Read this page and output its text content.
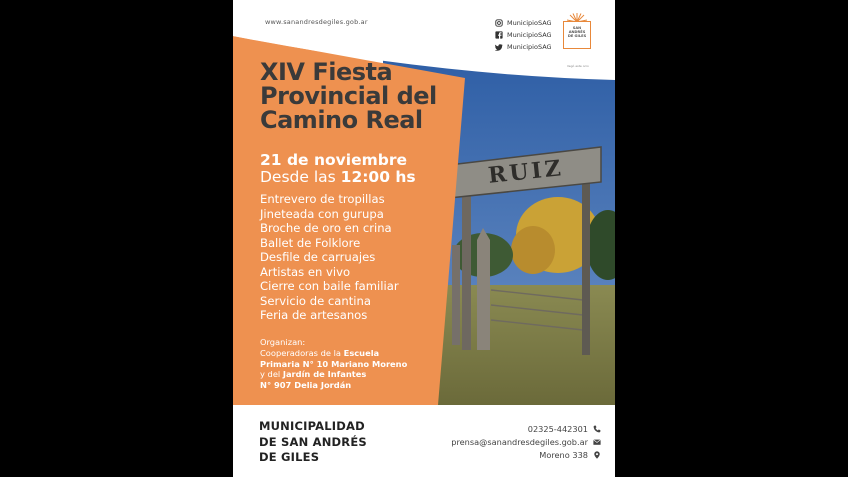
RUIZ
www.sanandresdegiles.gob.ar	MunicipioSAG
MunicipioSAG
MunicipioSAG
SAN
ANDRÉS
DE GILES
llegó este ocio
XIV Fiesta
Provincial del
Camino Real
21 de noviembre
Desde las 12:00 hs
Entrevero de tropillas
Jineteada con gurupa
Broche de oro en crina
Ballet de Folklore
Desfile de carruajes
Artistas en vivo
Cierre con baile familiar
Servicio de cantina
Feria de artesanos
Organizan:
Cooperadoras de la Escuela
Primaria N° 10 Mariano Moreno
y del Jardín de Infantes
N° 907 Delia Jordán
MUNICIPALIDAD
DE SAN ANDRÉS
DE GILES
02325-442301
prensa@sanandresdegiles.gob.ar
Moreno 338
